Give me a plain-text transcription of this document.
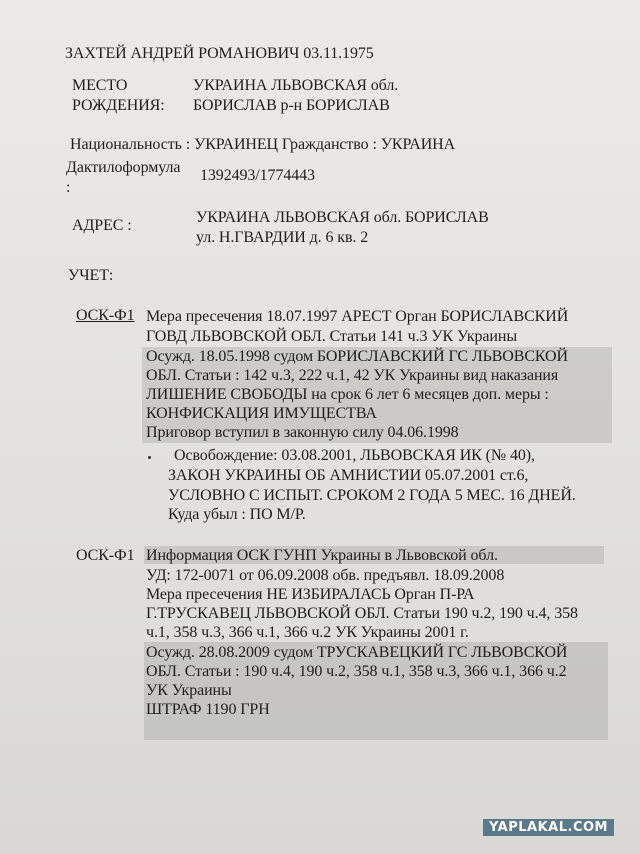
ЗАХТЕЙ АНДРЕЙ РОМАНОВИЧ 03.11.1975
МЕСТО
РОЖДЕНИЯ:
УКРАИНА ЛЬВОВСКАЯ обл.
БОРИСЛАВ р-н БОРИСЛАВ
Национальность : УКРАИНЕЦ Гражданство : УКРАИНА
Дактилоформула
:
1392493/1774443
АДРЕС :	УКРАИНА ЛЬВОВСКАЯ обл. БОРИСЛАВ
ул. Н.ГВАРДИИ д. 6 кв. 2
УЧЕТ:
ОСК-Ф1 Мера пресечения 18.07.1997 АРЕСТ Орган БОРИСЛАВСКИЙ
ГОВД ЛЬВОВСКОЙ ОБЛ. Статьи 141 ч.3 УК Украины
Осужд. 18.05.1998 судом БОРИСЛАВСКИЙ ГС ЛЬВОВСКОЙ
ОБЛ. Статьи : 142 ч.3, 222 ч.1, 42 УК Украины вид наказания
ЛИШЕНИЕ СВОБОДЫ на срок 6 лет 6 месяцев доп. меры :
КОНФИСКАЦИЯ ИМУЩЕСТВА
Приговор вступил в законную силу 04.06.1998
Освобождение: 03.08.2001, ЛЬВОВСКАЯ ИК (№ 40),
ЗАКОН УКРАИНЫ ОБ АМНИСТИИ 05.07.2001 ст.6,
УСЛОВНО С ИСПЫТ. СРОКОМ 2 ГОДА 5 МЕС. 16 ДНЕЙ.
Куда убыл : ПО М/Р.
ОСК-Ф1 Информация ОСК ГУНП Украины в Львовской обл.
УД: 172-0071 от 06.09.2008 обв. предъявл. 18.09.2008
Мера пресечения НЕ ИЗБИРАЛАСЬ Орган П-РА
Г.ТРУСКАВЕЦ ЛЬВОВСКОЙ ОБЛ. Статьи 190 ч.2, 190 ч.4, 358
ч.1, 358 ч.3, 366 ч.1, 366 ч.2 УК Украины 2001 г.
Осужд. 28.08.2009 судом ТРУСКАВЕЦКИЙ ГС ЛЬВОВСКОЙ
ОБЛ. Статьи : 190 ч.4, 190 ч.2, 358 ч.1, 358 ч.3, 366 ч.1, 366 ч.2
УК Украины
ШТРАФ 1190 ГРН
YAPLAKAL.COM
